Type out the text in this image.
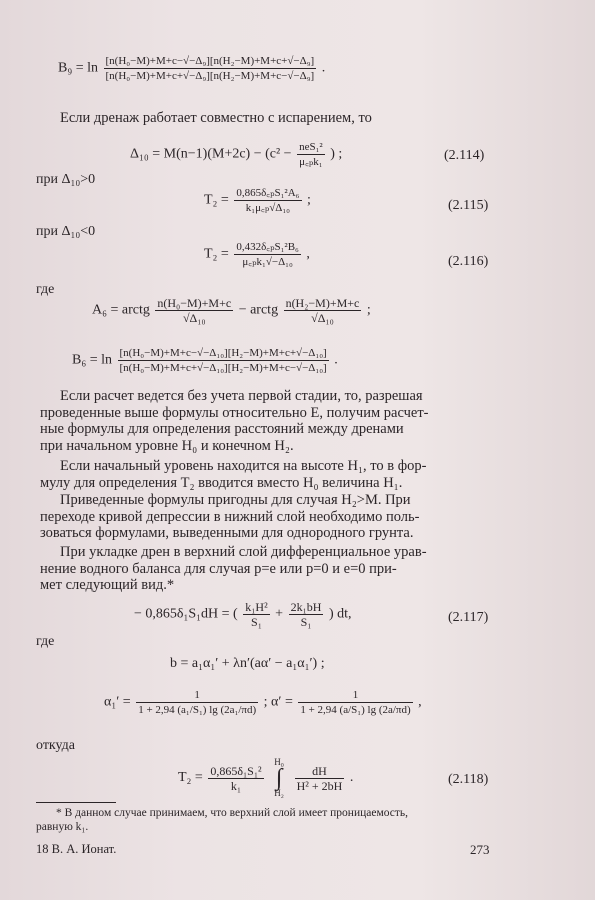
$B_9 = \ln \frac{\text{[n(H₀−M)+M+c−√−Δ₉][n(H₂−M)+M+c+√−Δ₉]}}{\text{[n(H₀−M)+M+c+√−Δ₉][n(H₂−M)+M+c−√−Δ₉]}}$ .
Если дренаж работает совместно с испарением, то
$\Delta_{10} = M(n-1)(M+2c) - (c^2 - \frac{\text{neS₁²}}{\text{μ꜀ₚk₁}}$ ) ;	(2.114)
при Δ₁₀>0
$T_2 = \frac{\text{0,865δ꜀ₚS₁²A₆}}{\text{k₁μ꜀ₚ√Δ₁₀}}$ ;	(2.115)
при Δ₁₀<0
$T_2 = \frac{\text{0,432δ꜀ₚS₁²B₆}}{\text{μ꜀ₚk₁√−Δ₁₀}}$ ,	(2.116)
где
A₆ = arctg $\frac{\text{n(H₀−M)+M+c}}{\text{√Δ₁₀}}$ − arctg $\frac{\text{n(H₂−M)+M+c}}{\text{√Δ₁₀}}$ ;
$B_6 = \ln \frac{\text{[n(H₀−M)+M+c−√−Δ₁₀][H₂−M)+M+c+√−Δ₁₀]}}{\text{[n(H₀−M)+M+c+√−Δ₁₀][H₂−M)+M+c−√−Δ₁₀]}}$ .
Если расчет ведется без учета первой стадии, то, разрешая
проведенные выше формулы относительно E, получим расчет-
ные формулы для определения расстояний между дренами
при начальном уровне H₀ и конечном H₂.
Если начальный уровень находится на высоте H₁, то в фор-
мулу для определения T₂ вводится вместо H₀ величина H₁.
Приведенные формулы пригодны для случая H₂>M. При
переходе кривой депрессии в нижний слой необходимо поль-
зоваться формулами, выведенными для однородного грунта.
При укладке дрен в верхний слой дифференциальное урав-
нение водного баланса для случая p=e или p=0 и e=0 при-
мет следующий вид.*
− 0,865δ₁S₁dH = ( $\frac{\text{k₁H²}}{\text{S₁}} + \frac{\text{2k₁bH}}{\text{S₁}}$ ) dt,	(2.117)
где
b = a₁α₁′ + λn′(aα′ − a₁α₁′) ;
$\alpha_1' = \frac{1}{\text{1 + 2,94 (a₁/S₁) lg (2a₁/πd)}}$ ; $\alpha' = \frac{1}{\text{1 + 2,94 (a/S₁) lg (2a/πd)}}$ ,
откуда
$T_2 = \frac{\text{0,865δ₁S₁²}}{\text{k₁}}$

H₀
∫
H₂

$\frac{dH}{\text{H² + 2bH}}$ .	(2.118)
* В данном случае принимаем, что верхний слой имеет проницаемость,
равную k₁.
18 В. А. Ионат.	273
